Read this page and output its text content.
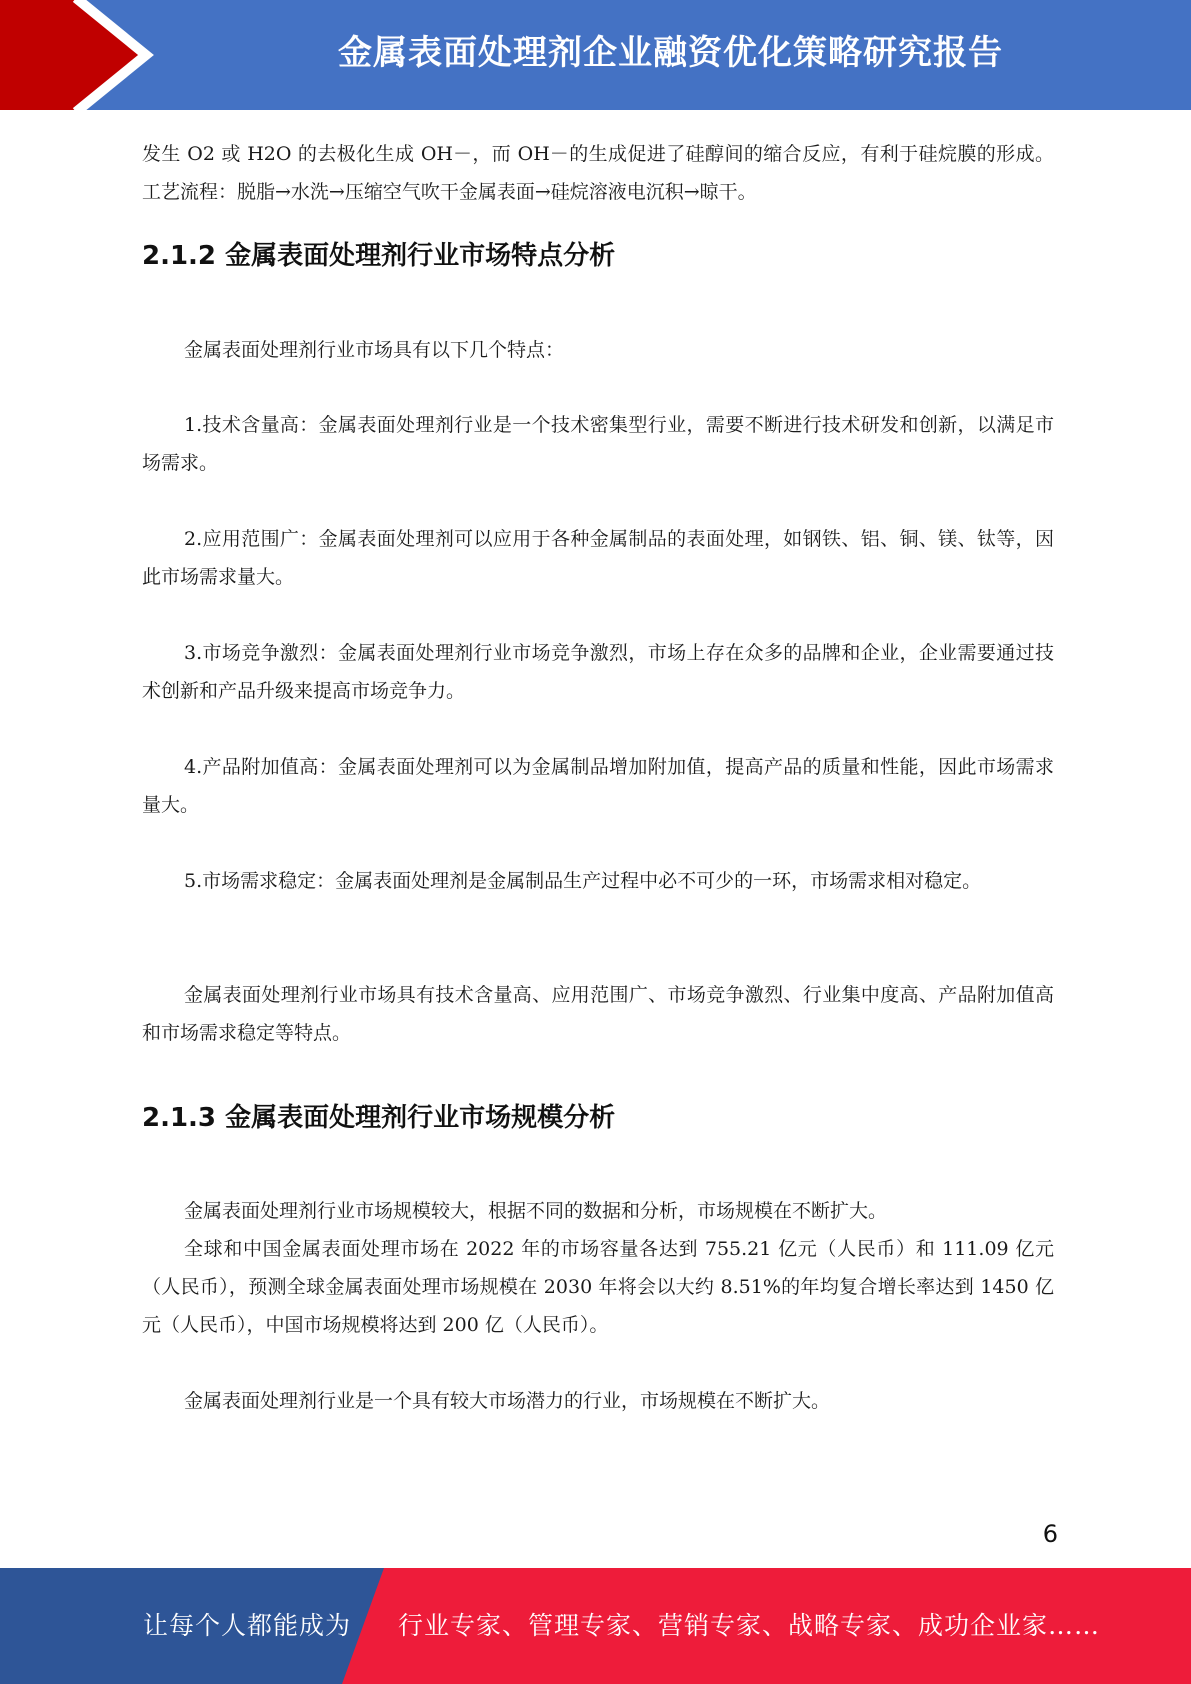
金属表面处理剂企业融资优化策略研究报告

发生 O2 或 H2O 的去极化生成 OH－，而 OH－的生成促进了硅醇间的缩合反应，有利于硅烷膜的形成。工艺流程：脱脂→水洗→压缩空气吹干金属表面→硅烷溶液电沉积→晾干。

2.1.2 金属表面处理剂行业市场特点分析

金属表面处理剂行业市场具有以下几个特点：

1.技术含量高：金属表面处理剂行业是一个技术密集型行业，需要不断进行技术研发和创新，以满足市场需求。

2.应用范围广：金属表面处理剂可以应用于各种金属制品的表面处理，如钢铁、铝、铜、镁、钛等，因此市场需求量大。

3.市场竞争激烈：金属表面处理剂行业市场竞争激烈，市场上存在众多的品牌和企业，企业需要通过技术创新和产品升级来提高市场竞争力。

4.产品附加值高：金属表面处理剂可以为金属制品增加附加值，提高产品的质量和性能，因此市场需求量大。

5.市场需求稳定：金属表面处理剂是金属制品生产过程中必不可少的一环，市场需求相对稳定。

金属表面处理剂行业市场具有技术含量高、应用范围广、市场竞争激烈、行业集中度高、产品附加值高和市场需求稳定等特点。

2.1.3 金属表面处理剂行业市场规模分析

金属表面处理剂行业市场规模较大，根据不同的数据和分析，市场规模在不断扩大。

全球和中国金属表面处理市场在 2022 年的市场容量各达到 755.21 亿元（人民币）和 111.09 亿元（人民币），预测全球金属表面处理市场规模在 2030 年将会以大约 8.51%的年均复合增长率达到 1450 亿元（人民币），中国市场规模将达到 200 亿（人民币）。

金属表面处理剂行业是一个具有较大市场潜力的行业，市场规模在不断扩大。

6
让每个人都能成为 行业专家、管理专家、营销专家、战略专家、成功企业家……
